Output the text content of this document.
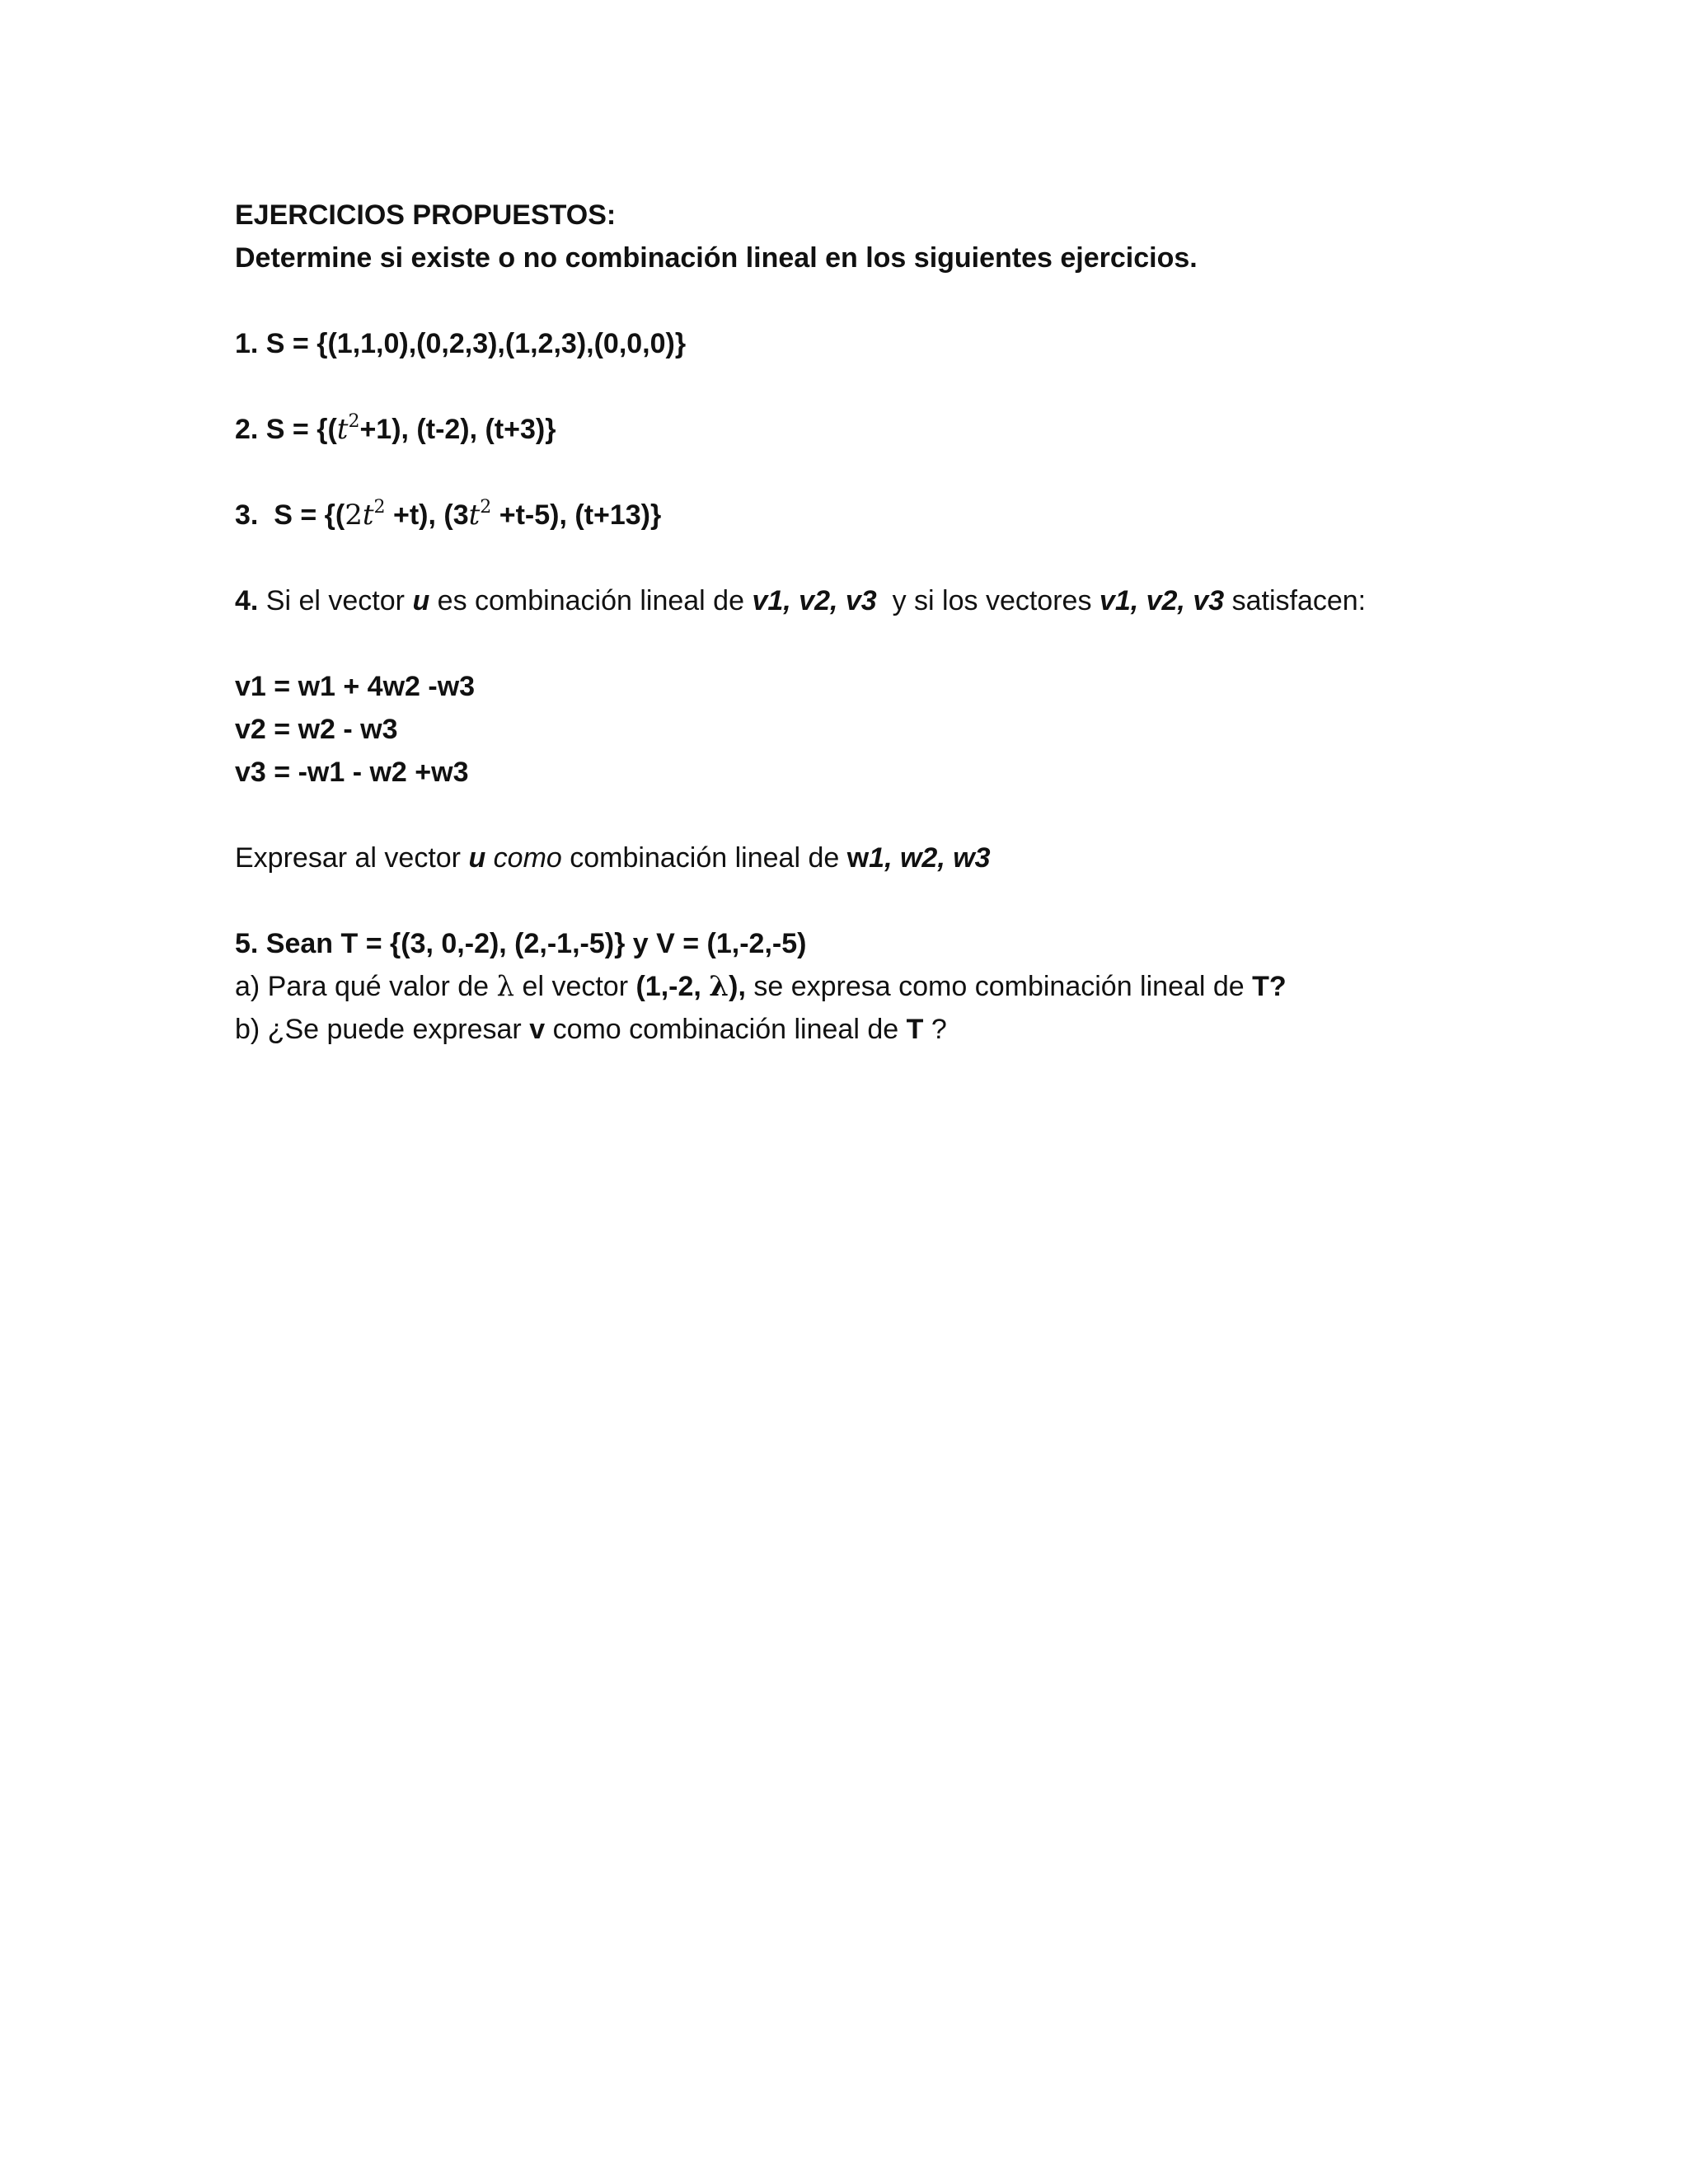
EJERCICIOS PROPUESTOS:
Determine si existe o no combinación lineal en los siguientes ejercicios.
1. S = {(1,1,0),(0,2,3),(1,2,3),(0,0,0)}
2. $S = \{(t^2+1)$, (t-2), (t+3)}
3.  $S = \{(2t^2 +t)$, $(3t^2 +t-5)$, (t+13)}
4. Si el vector u es combinación lineal de v1, v2, v3  y si los vectores v1, v2, v3 satisfacen:
v1 = w1 + 4w2 -w3
v2 = w2 - w3
v3 = -w1 - w2 +w3
Expresar al vector u como combinación lineal de w1, w2, w3
5. Sean T = {(3, 0,-2), (2,-1,-5)} y V = (1,-2,-5)
a) Para qué valor de λ el vector (1,-2, λ), se expresa como combinación lineal de T?
b) ¿Se puede expresar v como combinación lineal de T ?
